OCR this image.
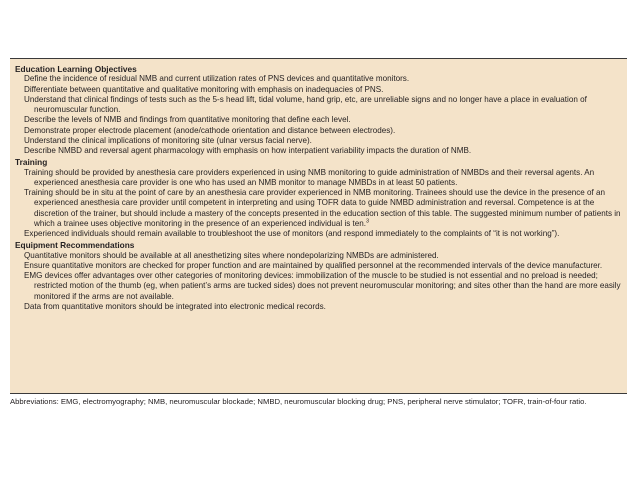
Education Learning Objectives

Define the incidence of residual NMB and current utilization rates of PNS devices and quantitative monitors.

Differentiate between quantitative and qualitative monitoring with emphasis on inadequacies of PNS.

Understand that clinical findings of tests such as the 5-s head lift, tidal volume, hand grip, etc, are unreliable signs and no longer have a place in evaluation of neuromuscular function.

Describe the levels of NMB and findings from quantitative monitoring that define each level.

Demonstrate proper electrode placement (anode/cathode orientation and distance between electrodes).

Understand the clinical implications of monitoring site (ulnar versus facial nerve).

Describe NMBD and reversal agent pharmacology with emphasis on how interpatient variability impacts the duration of NMB.

Training

Training should be provided by anesthesia care providers experienced in using NMB monitoring to guide administration of NMBDs and their reversal agents. An experienced anesthesia care provider is one who has used an NMB monitor to manage NMBDs in at least 50 patients.

Training should be in situ at the point of care by an anesthesia care provider experienced in NMB monitoring. Trainees should use the device in the presence of an experienced anesthesia care provider until competent in interpreting and using TOFR data to guide NMBD administration and reversal. Competence is at the discretion of the trainer, but should include a mastery of the concepts presented in the education section of this table. The suggested minimum number of patients in which a trainee uses objective monitoring in the presence of an experienced individual is ten.$^3$

Experienced individuals should remain available to troubleshoot the use of monitors (and respond immediately to the complaints of “it is not working”).

Equipment Recommendations

Quantitative monitors should be available at all anesthetizing sites where nondepolarizing NMBDs are administered.

Ensure quantitative monitors are checked for proper function and are maintained by qualified personnel at the recommended intervals of the device manufacturer.

EMG devices offer advantages over other categories of monitoring devices: immobilization of the muscle to be studied is not essential and no preload is needed; restricted motion of the thumb (eg, when patient’s arms are tucked sides) does not prevent neuromuscular monitoring; and sites other than the hand are more easily monitored if the arms are not available.

Data from quantitative monitors should be integrated into electronic medical records.

Abbreviations: EMG, electromyography; NMB, neuromuscular blockade; NMBD, neuromuscular blocking drug; PNS, peripheral nerve stimulator; TOFR, train-of-four ratio.
